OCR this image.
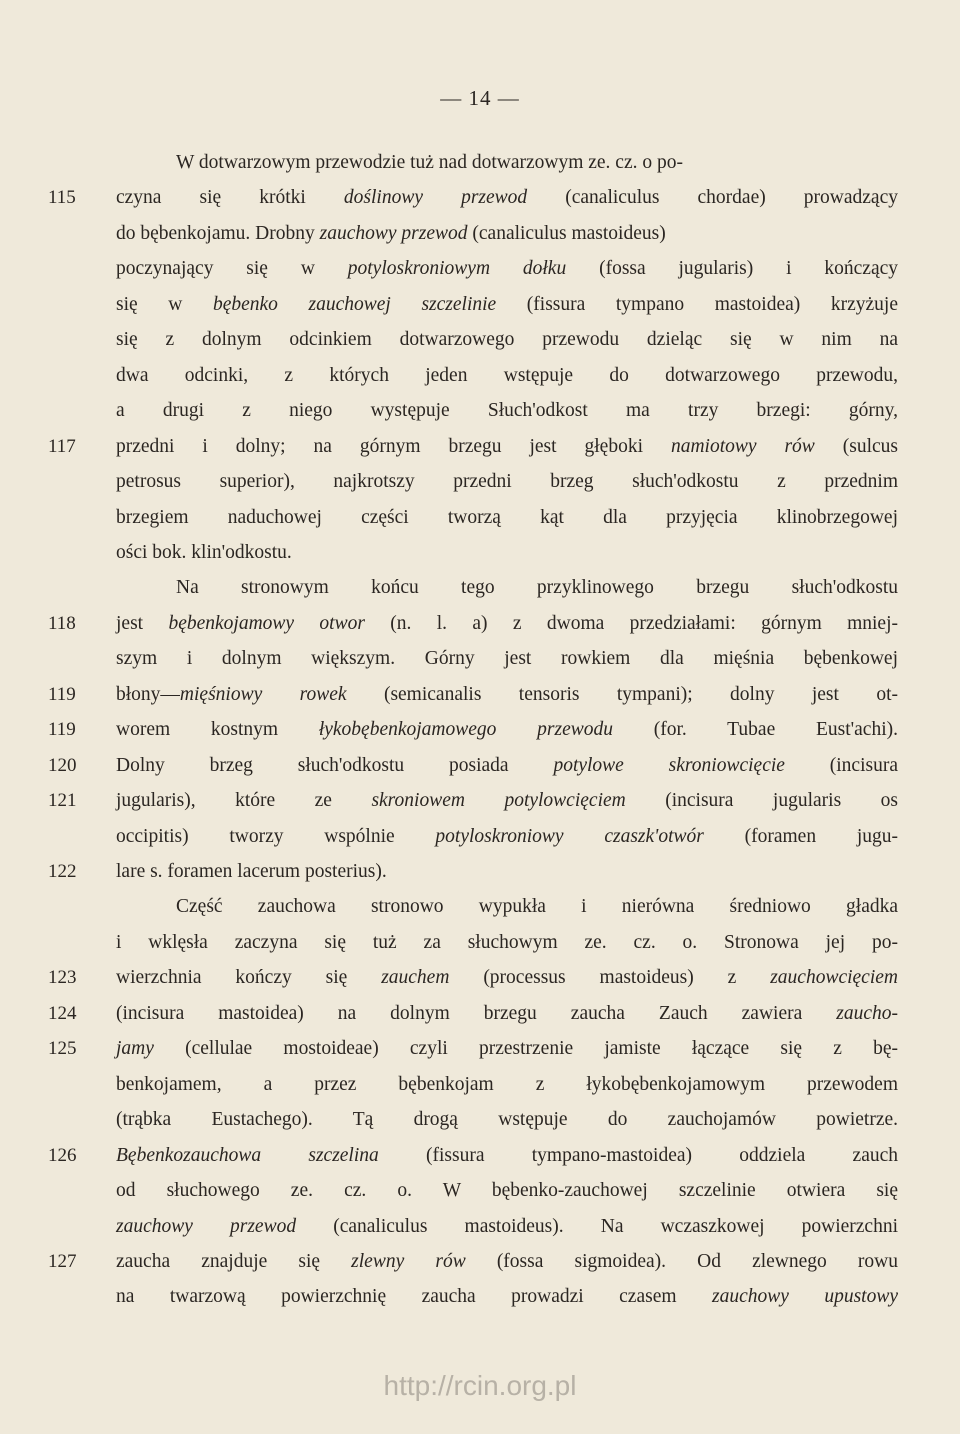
— 14 —
W dotwarzowym przewodzie tuż nad dotwarzowym ze. cz. o po-
czyna się krótki doślinowy przewod (canaliculus chordae) prowadzący
do bębenkojamu. Drobny zauchowy przewod (canaliculus mastoideus)
poczynający się w potyloskroniowym dołku (fossa jugularis) i kończący
się w bębenko zauchowej szczelinie (fissura tympano mastoidea) krzyżuje
się z dolnym odcinkiem dotwarzowego przewodu dzieląc się w nim na
dwa odcinki, z których jeden wstępuje do dotwarzowego przewodu,
a drugi z niego występuje Słuch'odkost ma trzy brzegi: górny,
przedni i dolny; na górnym brzegu jest głęboki namiotowy rów (sulcus
petrosus superior), najkrotszy przedni brzeg słuch'odkostu z przednim
brzegiem naduchowej części tworzą kąt dla przyjęcia klinobrzegowej
ości bok. klin'odkostu.
Na stronowym końcu tego przyklinowego brzegu słuch'odkostu
jest bębenkojamowy otwor (n. l. a) z dwoma przedziałami: górnym mniej-
szym i dolnym większym. Górny jest rowkiem dla mięśnia bębenkowej
błony—mięśniowy rowek (semicanalis tensoris tympani); dolny jest ot-
worem kostnym łykobębenkojamowego przewodu (for. Tubae Eust'achi).
Dolny brzeg słuch'odkostu posiada potylowe skroniowcięcie (incisura
jugularis), które ze skroniowem potylowcięciem (incisura jugularis os
occipitis) tworzy wspólnie potyloskroniowy czaszk'otwór (foramen jugu-
lare s. foramen lacerum posterius).
Część zauchowa stronowo wypukła i nierówna średniowo gładka
i wklęsła zaczyna się tuż za słuchowym ze. cz. o. Stronowa jej po-
wierzchnia kończy się zauchem (processus mastoideus) z zauchowcięciem
(incisura mastoidea) na dolnym brzegu zaucha Zauch zawiera zaucho-
jamy (cellulae mostoideae) czyli przestrzenie jamiste łączące się z bę-
benkojamem, a przez bębenkojam z łykobębenkojamowym przewodem
(trąbka Eustachego). Tą drogą wstępuje do zauchojamów powietrze.
Bębenkozauchowa szczelina (fissura tympano-mastoidea) oddziela zauch
od słuchowego ze. cz. o. W bębenko-zauchowej szczelinie otwiera się
zauchowy przewod (canaliculus mastoideus). Na wczaszkowej powierzchni
zaucha znajduje się zlewny rów (fossa sigmoidea). Od zlewnego rowu
na twarzową powierzchnię zaucha prowadzi czasem zauchowy upustowy
115
117
118
119
119
120
121
122
123
124
125
126
127
http://rcin.org.pl
